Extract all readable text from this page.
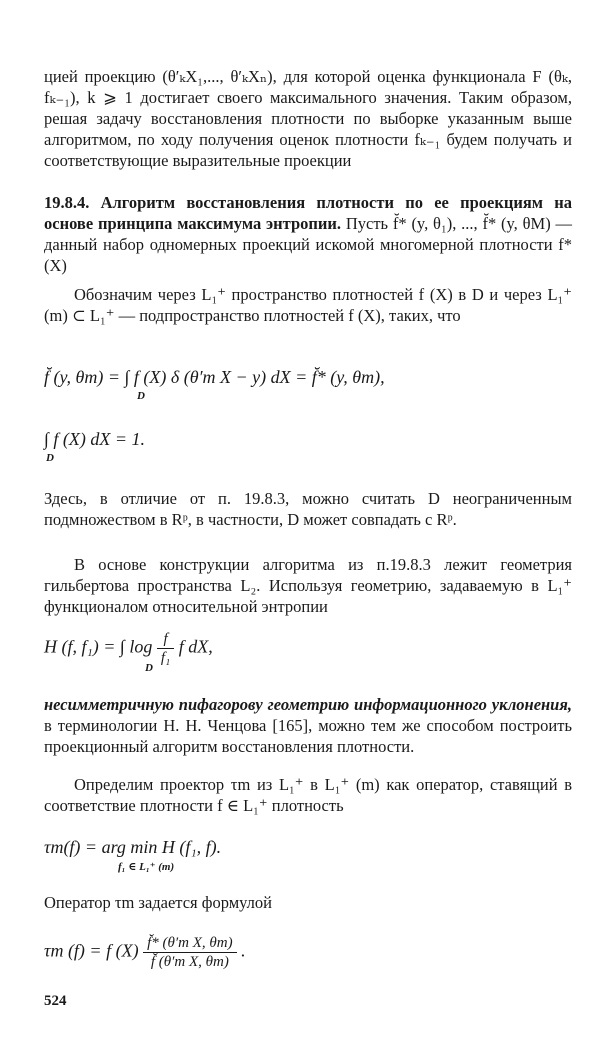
цией проекцию (θ′ₖX₁,..., θ′ₖXₙ), для которой оценка функционала F (θₖ, fₖ₋₁), k ⩾ 1 достигает своего максимального значения. Таким образом, решая задачу восстановления плотности по выборке указанным выше алгоритмом, по ходу получения оценок плотности fₖ₋₁ будем получать и соответствующие выразительные проекции
19.8.4. Алгоритм восстановления плотности по ее проекциям на основе принципа максимума энтропии. Пусть f̆* (y, θ₁), ..., f̆* (y, θM) — данный набор одномерных проекций искомой многомерной плотности f* (X)
Обозначим через L₁⁺ пространство плотностей f (X) в D и через L₁⁺ (m) ⊂ L₁⁺ — подпространство плотностей f (X), таких, что
f̆ (y, θm) = ∫ f (X) δ (θ′m X − y) dX = f̆* (y, θm),
D
∫ f (X) dX = 1.
D
Здесь, в отличие от п. 19.8.3, можно считать D неограниченным подмножеством в Rᵖ, в частности, D может совпадать с Rᵖ.
В основе конструкции алгоритма из п.19.8.3 лежит геометрия гильбертова пространства L₂. Используя геометрию, задаваемую в L₁⁺ функционалом относительной энтропии
H (f, f₁) = ∫ $\log \frac{f}{\text{f₁}}$ f dX,
D
несимметричную пифагорову геометрию информационного уклонения, в терминологии Н. Н. Ченцова [165], можно тем же способом построить проекционный алгоритм восстановления плотности.
Определим проектор τm из L₁⁺ в L₁⁺ (m) как оператор, ставящий в соответствие плотности f ∈ L₁⁺ плотность
τm(f) = arg min H (f₁, f).
f₁ ∈ L₁⁺ (m)
Оператор τm задается формулой
τm (f) = f $(X) \frac{\text{f̆* (θ′m X, θm)}}{\text{f̆ (θ′m X, θm)}}$ .
524
